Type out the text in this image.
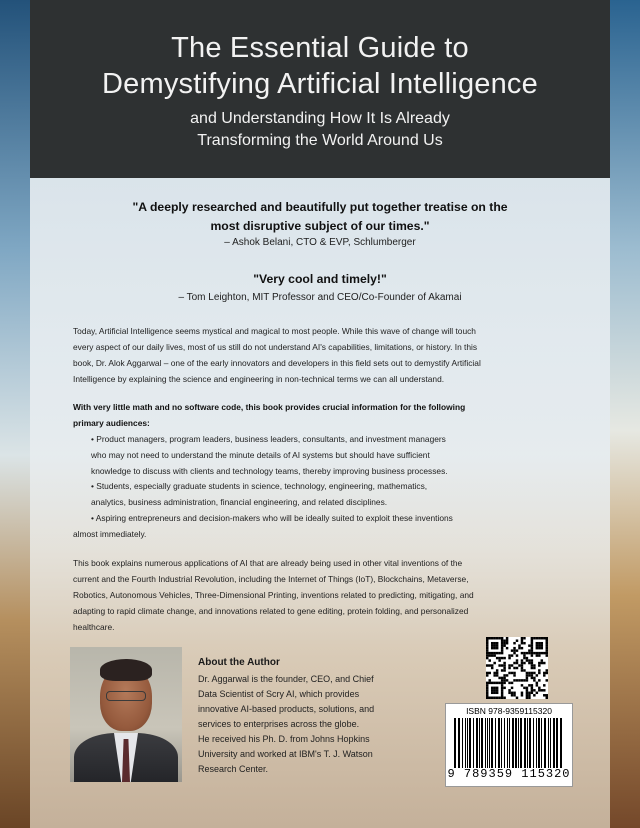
The Essential Guide to
Demystifying Artificial Intelligence
and Understanding How It Is Already
Transforming the World Around Us
"A deeply researched and beautifully put together treatise on the
most disruptive subject of our times."
– Ashok Belani, CTO & EVP, Schlumberger
"Very cool and timely!"
– Tom Leighton, MIT Professor and CEO/Co-Founder of Akamai
Today, Artificial Intelligence seems mystical and magical to most people. While this wave of change will touch
every aspect of our daily lives, most of us still do not understand AI's capabilities, limitations, or history. In this
book, Dr. Alok Aggarwal – one of the early innovators and developers in this field sets out to demystify Artificial
Intelligence by explaining the science and engineering in non-technical terms we can all understand.
With very little math and no software code, this book provides crucial information for the following
primary audiences:
• Product managers, program leaders, business leaders, consultants, and investment managers
who may not need to understand the minute details of AI systems but should have sufficient
knowledge to discuss with clients and technology teams, thereby improving business processes.
• Students, especially graduate students in science, technology, engineering, mathematics,
analytics, business administration, financial engineering, and related disciplines.
• Aspiring entrepreneurs and decision-makers who will be ideally suited to exploit these inventions
almost immediately.
This book explains numerous applications of AI that are already being used in other vital inventions of the
current and the Fourth Industrial Revolution, including the Internet of Things (IoT), Blockchains, Metaverse,
Robotics, Autonomous Vehicles, Three-Dimensional Printing, inventions related to predicting, mitigating, and
adapting to rapid climate change, and innovations related to gene editing, protein folding, and personalized
healthcare.
About the Author
Dr. Aggarwal is the founder, CEO, and Chief
Data Scientist of Scry AI, which provides
innovative AI-based products, solutions, and
services to enterprises across the globe.
He received his Ph. D. from Johns Hopkins
University and worked at IBM's T. J. Watson
Research Center.
ISBN 978-9359115320
9 789359 115320
